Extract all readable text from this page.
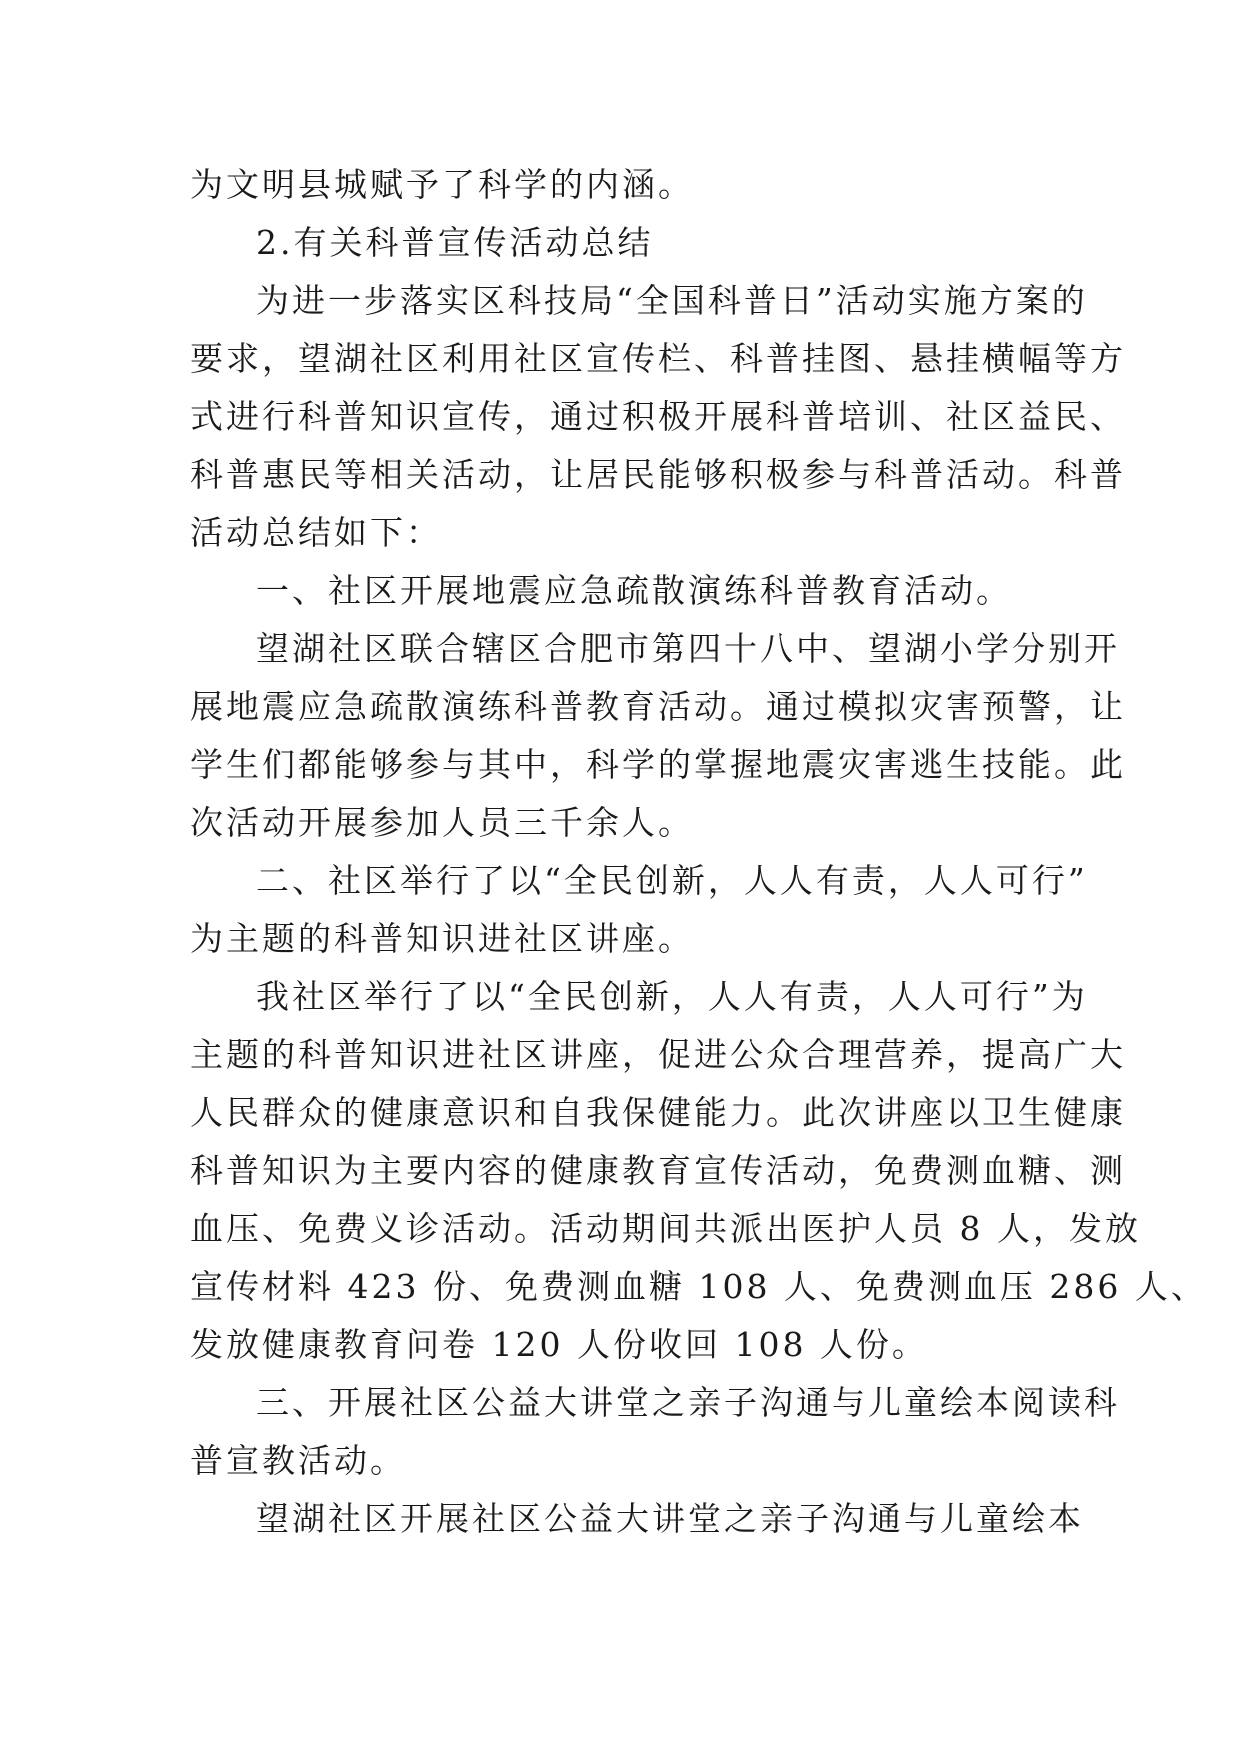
为文明县城赋予了科学的内涵。
2.有关科普宣传活动总结
为进一步落实区科技局“全国科普日”活动实施方案的
要求，望湖社区利用社区宣传栏、科普挂图、悬挂横幅等方
式进行科普知识宣传，通过积极开展科普培训、社区益民、
科普惠民等相关活动，让居民能够积极参与科普活动。科普
活动总结如下：
一、社区开展地震应急疏散演练科普教育活动。
望湖社区联合辖区合肥市第四十八中、望湖小学分别开
展地震应急疏散演练科普教育活动。通过模拟灾害预警，让
学生们都能够参与其中，科学的掌握地震灾害逃生技能。此
次活动开展参加人员三千余人。
二、社区举行了以“全民创新，人人有责，人人可行”
为主题的科普知识进社区讲座。
我社区举行了以“全民创新，人人有责，人人可行”为
主题的科普知识进社区讲座，促进公众合理营养，提高广大
人民群众的健康意识和自我保健能力。此次讲座以卫生健康
科普知识为主要内容的健康教育宣传活动，免费测血糖、测
血压、免费义诊活动。活动期间共派出医护人员 8 人，发放
宣传材料 423 份、免费测血糖 108 人、免费测血压 286 人、
发放健康教育问卷 120 人份收回 108 人份。
三、开展社区公益大讲堂之亲子沟通与儿童绘本阅读科
普宣教活动。
望湖社区开展社区公益大讲堂之亲子沟通与儿童绘本
